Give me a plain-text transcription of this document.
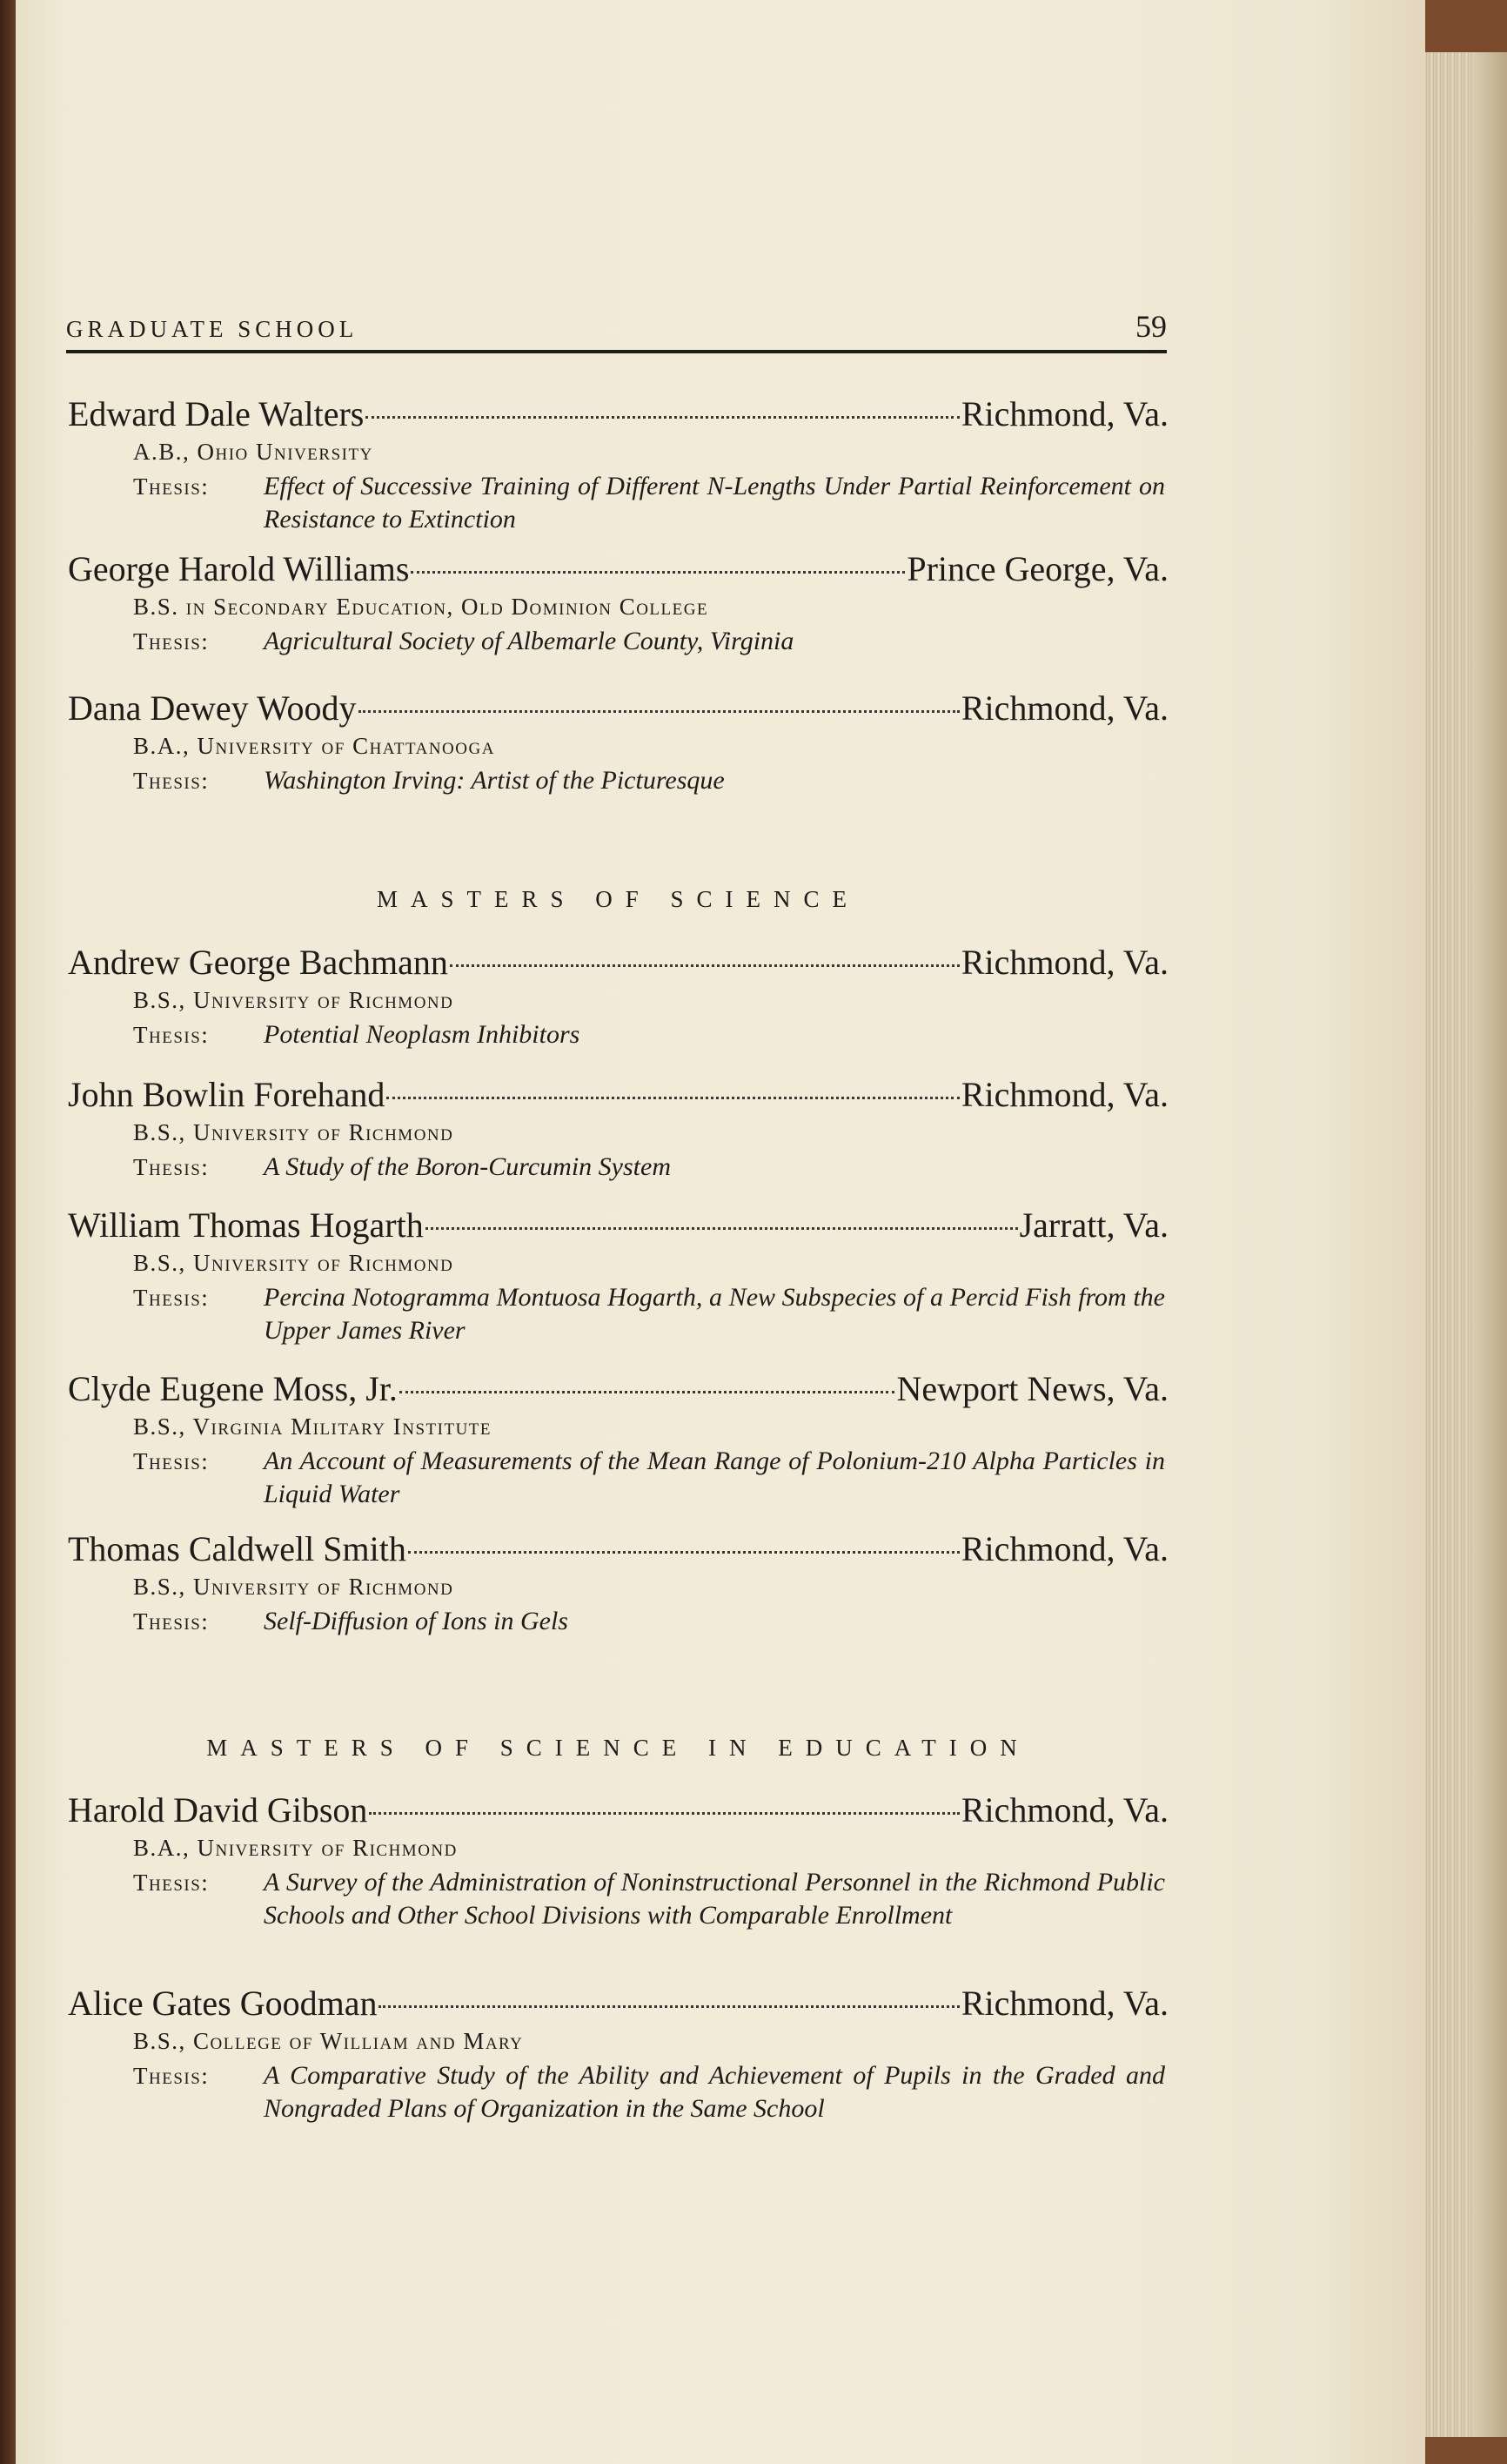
GRADUATE SCHOOL	59
Edward Dale Walters	Richmond, Va.
A.B., Ohio University
Thesis:	Effect of Successive Training of Different N-Lengths Under Partial Reinforcement on Resistance to Extinction
George Harold Williams	Prince George, Va.
B.S. in Secondary Education, Old Dominion College
Thesis:	Agricultural Society of Albemarle County, Virginia
Dana Dewey Woody	Richmond, Va.
B.A., University of Chattanooga
Thesis:	Washington Irving: Artist of the Picturesque
MASTERS OF SCIENCE
Andrew George Bachmann	Richmond, Va.
B.S., University of Richmond
Thesis:	Potential Neoplasm Inhibitors
John Bowlin Forehand	Richmond, Va.
B.S., University of Richmond
Thesis:	A Study of the Boron-Curcumin System
William Thomas Hogarth	Jarratt, Va.
B.S., University of Richmond
Thesis:	Percina Notogramma Montuosa Hogarth, a New Subspecies of a Percid Fish from the Upper James River
Clyde Eugene Moss, Jr.	Newport News, Va.
B.S., Virginia Military Institute
Thesis:	An Account of Measurements of the Mean Range of Polonium-210 Alpha Particles in Liquid Water
Thomas Caldwell Smith	Richmond, Va.
B.S., University of Richmond
Thesis:	Self-Diffusion of Ions in Gels
MASTERS OF SCIENCE IN EDUCATION
Harold David Gibson	Richmond, Va.
B.A., University of Richmond
Thesis:	A Survey of the Administration of Noninstructional Personnel in the Richmond Public Schools and Other School Divisions with Comparable Enrollment
Alice Gates Goodman	Richmond, Va.
B.S., College of William and Mary
Thesis:	A Comparative Study of the Ability and Achievement of Pupils in the Graded and Nongraded Plans of Organization in the Same School
